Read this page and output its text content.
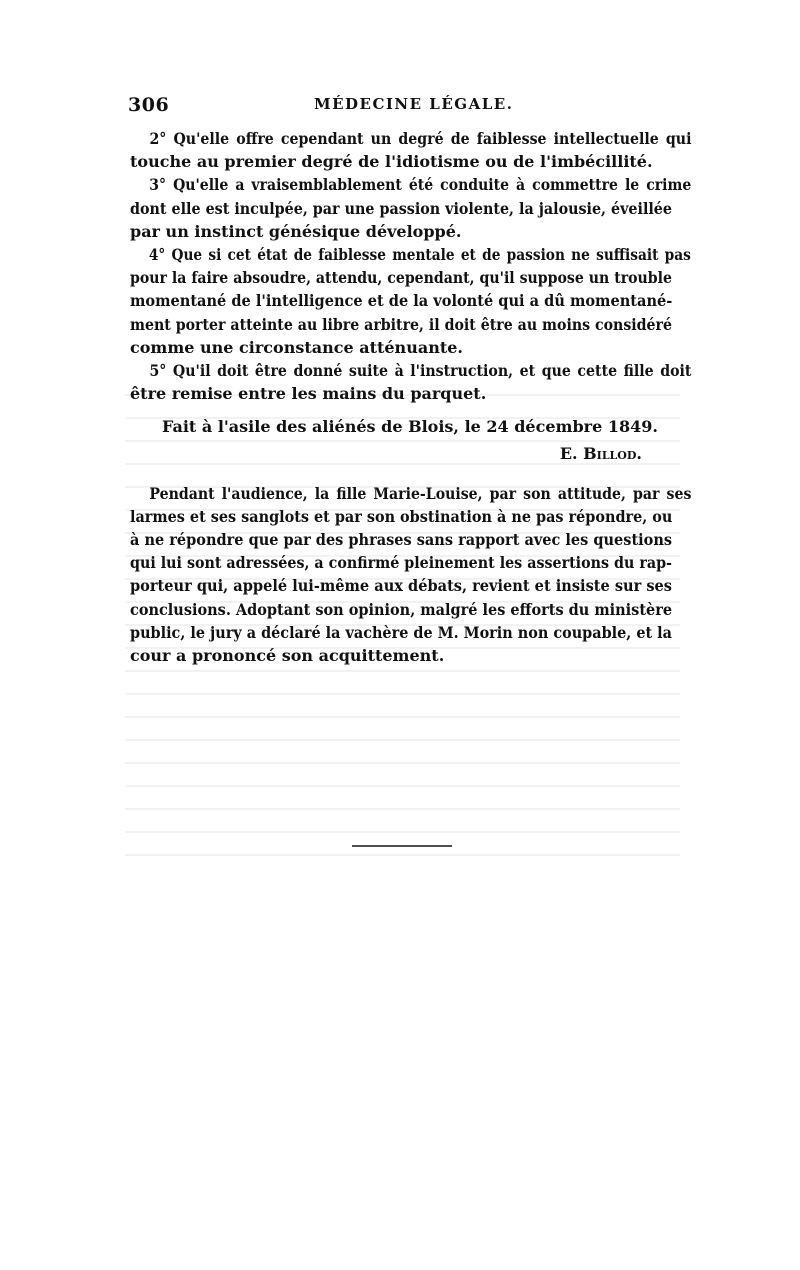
306	MÉDECINE LÉGALE.
2° Qu'elle offre cependant un degré de faiblesse intellectuelle qui
touche au premier degré de l'idiotisme ou de l'imbécillité.
3° Qu'elle a vraisemblablement été conduite à commettre le crime
dont elle est inculpée, par une passion violente, la jalousie, éveillée
par un instinct génésique développé.
4° Que si cet état de faiblesse mentale et de passion ne suffisait pas
pour la faire absoudre, attendu, cependant, qu'il suppose un trouble
momentané de l'intelligence et de la volonté qui a dû momentané-
ment porter atteinte au libre arbitre, il doit être au moins considéré
comme une circonstance atténuante.
5° Qu'il doit être donné suite à l'instruction, et que cette fille doit
être remise entre les mains du parquet.
Fait à l'asile des aliénés de Blois, le 24 décembre 1849.
E. Billod.
Pendant l'audience, la fille Marie-Louise, par son attitude, par ses
larmes et ses sanglots et par son obstination à ne pas répondre, ou
à ne répondre que par des phrases sans rapport avec les questions
qui lui sont adressées, a confirmé pleinement les assertions du rap-
porteur qui, appelé lui-même aux débats, revient et insiste sur ses
conclusions. Adoptant son opinion, malgré les efforts du ministère
public, le jury a déclaré la vachère de M. Morin non coupable, et la
cour a prononcé son acquittement.
